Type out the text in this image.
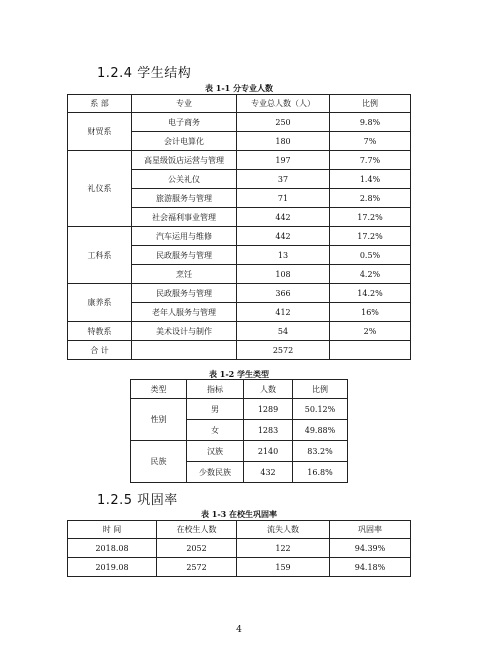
1.2.4 学生结构
表 1-1 分专业人数
系 部	专业	专业总人数（人）	比例
财贸系	电子商务	250	9.8%
	会计电算化	180	7%
礼仪系	高星级饭店运营与管理	197	7.7%
	公关礼仪	37	1.4%
	旅游服务与管理	71	2.8%
	社会福利事业管理	442	17.2%
工科系	汽车运用与维修	442	17.2%
	民政服务与管理	13	0.5%
	烹饪	108	4.2%
康养系	民政服务与管理	366	14.2%
	老年人服务与管理	412	16%
特教系	美术设计与制作	54	2%
合 计		2572	
表 1-2 学生类型
类型	指标	人数	比例
性别	男	1289	50.12%
	女	1283	49.88%
民族	汉族	2140	83.2%
	少数民族	432	16.8%
1.2.5 巩固率
表 1-3 在校生巩固率
时 间	在校生人数	流失人数	巩固率
2018.08	2052	122	94.39%
2019.08	2572	159	94.18%
4
